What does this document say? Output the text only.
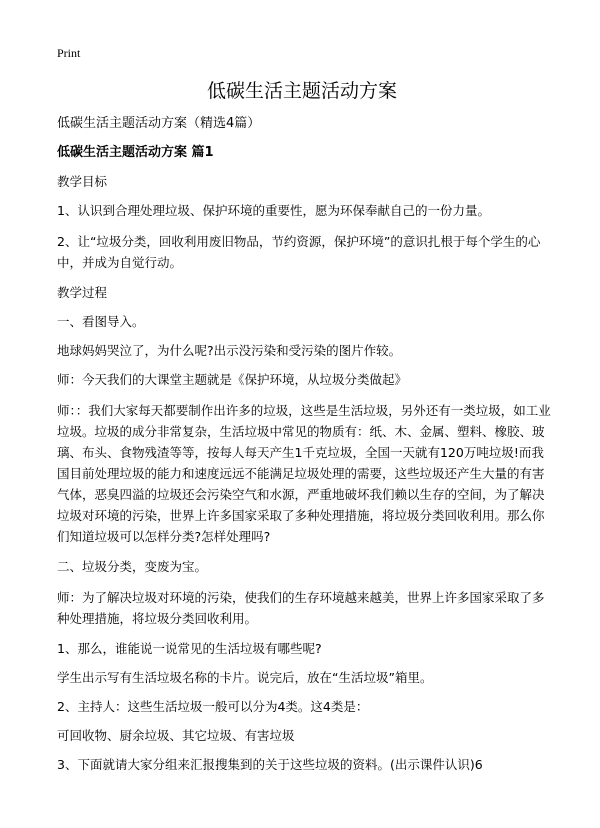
Print
低碳生活主题活动方案
低碳生活主题活动方案（精选4篇）
低碳生活主题活动方案 篇1
教学目标
1、认识到合理处理垃圾、保护环境的重要性，愿为环保奉献自己的一份力量。
2、让“垃圾分类，回收利用废旧物品，节约资源，保护环境”的意识扎根于每个学生的心中，并成为自觉行动。
教学过程
一、看图导入。
地球妈妈哭泣了，为什么呢?出示没污染和受污染的图片作较。
师：今天我们的大课堂主题就是《保护环境，从垃圾分类做起》
师：：我们大家每天都要制作出许多的垃圾，这些是生活垃圾，另外还有一类垃圾，如工业垃圾。垃圾的成分非常复杂，生活垃圾中常见的物质有：纸、木、金属、塑料、橡胶、玻璃、布头、食物残渣等等，按每人每天产生1千克垃圾，全国一天就有120万吨垃圾!而我国目前处理垃圾的能力和速度远远不能满足垃圾处理的需要，这些垃圾还产生大量的有害气体，恶臭四溢的垃圾还会污染空气和水源，严重地破坏我们赖以生存的空间，为了解决垃圾对环境的污染，世界上许多国家采取了多种处理措施，将垃圾分类回收利用。那么你们知道垃圾可以怎样分类?怎样处理吗?
二、垃圾分类，变废为宝。
师：为了解决垃圾对环境的污染，使我们的生存环境越来越美，世界上许多国家采取了多种处理措施，将垃圾分类回收利用。
1、那么，谁能说一说常见的生活垃圾有哪些呢?
学生出示写有生活垃圾名称的卡片。说完后，放在“生活垃圾”箱里。
2、主持人：这些生活垃圾一般可以分为4类。这4类是：
可回收物、厨余垃圾、其它垃圾、有害垃圾
3、下面就请大家分组来汇报搜集到的关于这些垃圾的资料。(出示课件认识)6
